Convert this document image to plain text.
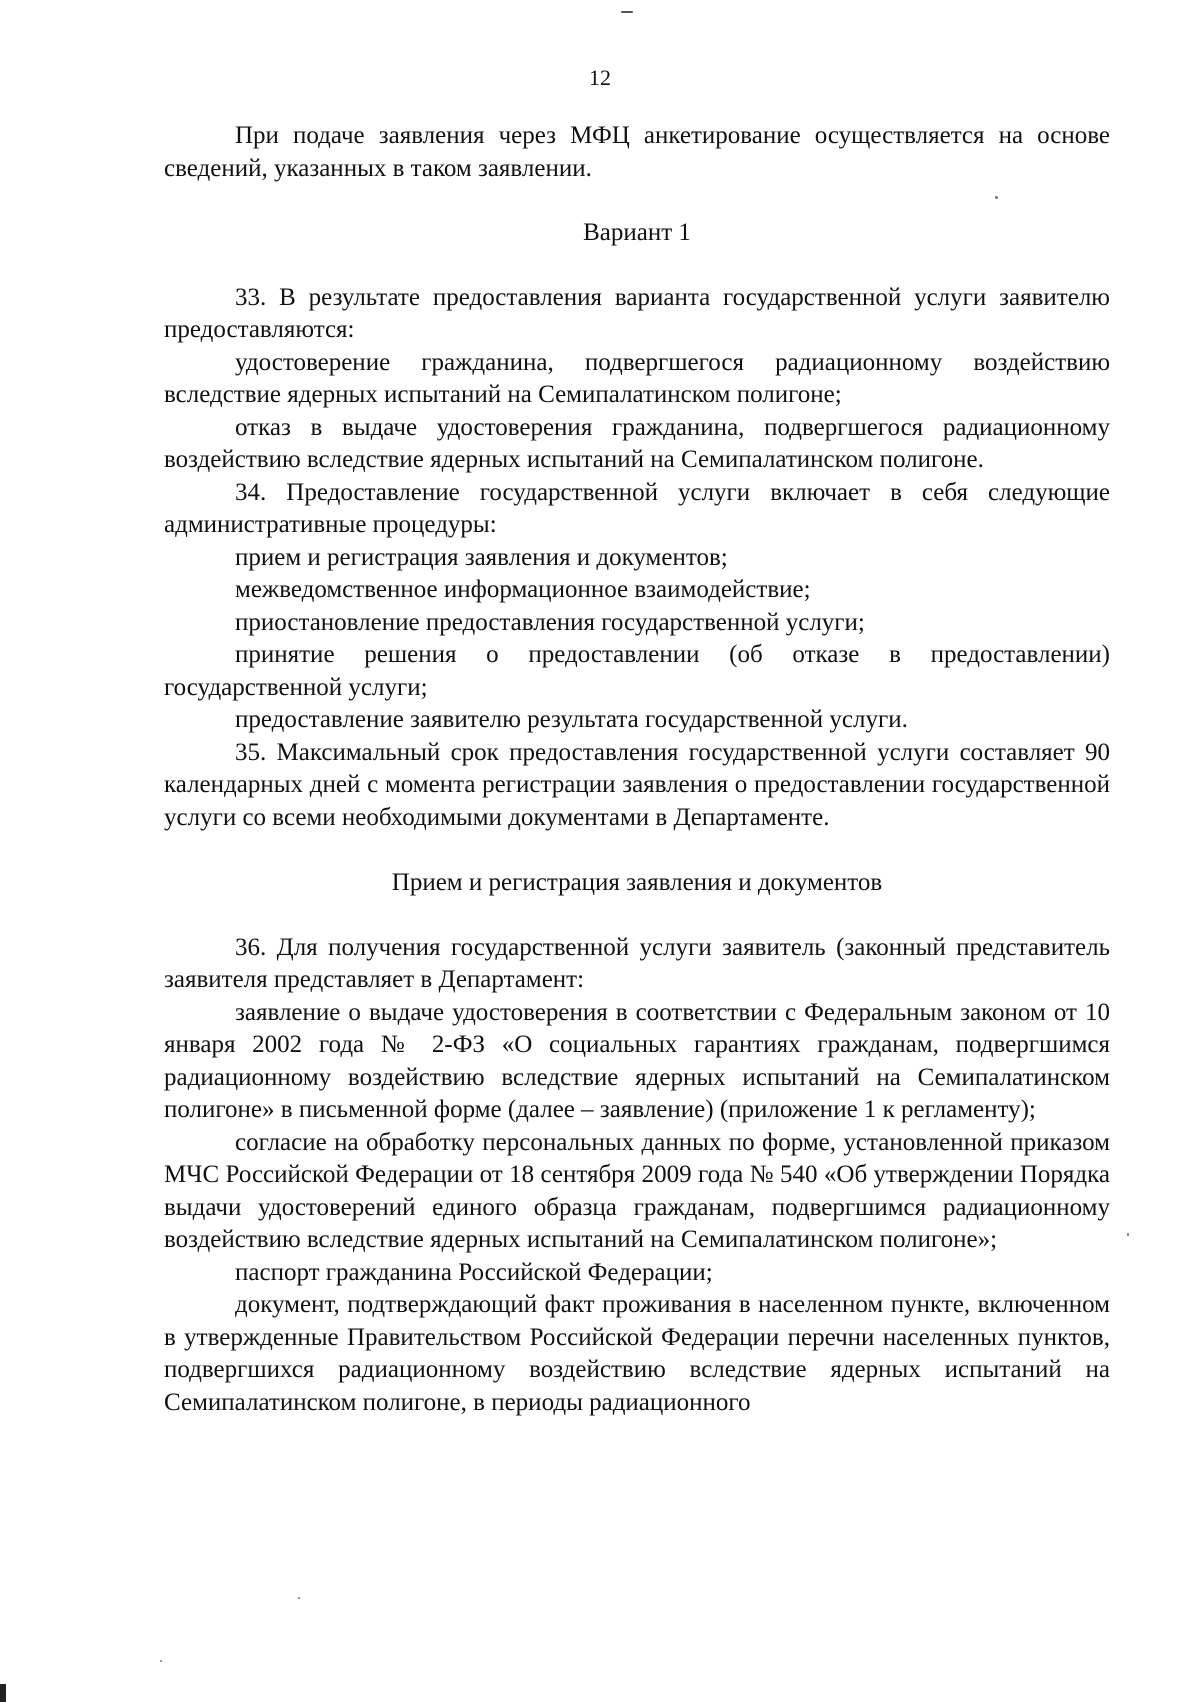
12

При подаче заявления через МФЦ анкетирование осуществляется на основе сведений, указанных в таком заявлении.

Вариант 1

33. В результате предоставления варианта государственной услуги заявителю предоставляются:

удостоверение гражданина, подвергшегося радиационному воздействию вследствие ядерных испытаний на Семипалатинском полигоне;

отказ в выдаче удостоверения гражданина, подвергшегося радиационному воздействию вследствие ядерных испытаний на Семипалатинском полигоне.

34. Предоставление государственной услуги включает в себя следующие административные процедуры:

прием и регистрация заявления и документов;

межведомственное информационное взаимодействие;

приостановление предоставления государственной услуги;

принятие решения о предоставлении (об отказе в предоставлении) государственной услуги;

предоставление заявителю результата государственной услуги.

35. Максимальный срок предоставления государственной услуги составляет 90 календарных дней с момента регистрации заявления о предоставлении государственной услуги со всеми необходимыми документами в Департаменте.

Прием и регистрация заявления и документов

36. Для получения государственной услуги заявитель (законный представитель заявителя представляет в Департамент:

заявление о выдаче удостоверения в соответствии с Федеральным законом от 10 января 2002 года № 2-ФЗ «О социальных гарантиях гражданам, подвергшимся радиационному воздействию вследствие ядерных испытаний на Семипалатинском полигоне» в письменной форме (далее – заявление) (приложение 1 к регламенту);

согласие на обработку персональных данных по форме, установленной приказом МЧС Российской Федерации от 18 сентября 2009 года № 540 «Об утверждении Порядка выдачи удостоверений единого образца гражданам, подвергшимся радиационному воздействию вследствие ядерных испытаний на Семипалатинском полигоне»;

паспорт гражданина Российской Федерации;

документ, подтверждающий факт проживания в населенном пункте, включенном в утвержденные Правительством Российской Федерации перечни населенных пунктов, подвергшихся радиационному воздействию вследствие ядерных испытаний на Семипалатинском полигоне, в периоды радиационного
